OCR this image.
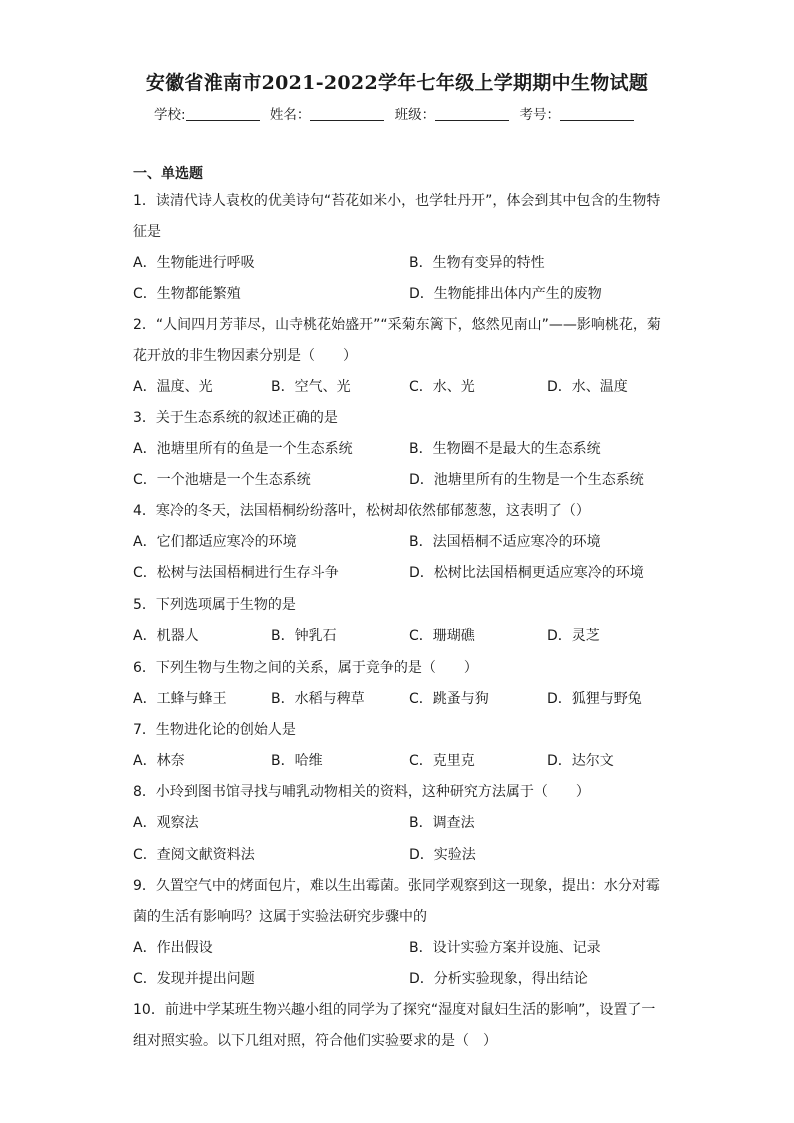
安徽省淮南市2021-2022学年七年级上学期期中生物试题
学校:	姓名：	班级：	考号：
一、单选题
1．读清代诗人袁枚的优美诗句“苔花如米小，也学牡丹开”，体会到其中包含的生物特征是
A．生物能进行呼吸	B．生物有变异的特性
C．生物都能繁殖	D．生物能排出体内产生的废物
2．“人间四月芳菲尽，山寺桃花始盛开”“采菊东篱下，悠然见南山”——影响桃花，菊花开放的非生物因素分别是（　　）
A．温度、光	B．空气、光	C．水、光	D．水、温度
3．关于生态系统的叙述正确的是
A．池塘里所有的鱼是一个生态系统	B．生物圈不是最大的生态系统
C．一个池塘是一个生态系统	D．池塘里所有的生物是一个生态系统
4．寒冷的冬天，法国梧桐纷纷落叶，松树却依然郁郁葱葱，这表明了（）
A．它们都适应寒冷的环境	B．法国梧桐不适应寒冷的环境
C．松树与法国梧桐进行生存斗争	D．松树比法国梧桐更适应寒冷的环境
5．下列选项属于生物的是
A．机器人	B．钟乳石	C．珊瑚礁	D．灵芝
6．下列生物与生物之间的关系，属于竞争的是（　　）
A．工蜂与蜂王	B．水稻与稗草	C．跳蚤与狗	D．狐狸与野兔
7．生物进化论的创始人是
A．林奈	B．哈维	C．克里克	D．达尔文
8．小玲到图书馆寻找与哺乳动物相关的资料，这种研究方法属于（　　）
A．观察法	B．调查法
C．查阅文献资料法	D．实验法
9．久置空气中的烤面包片，难以生出霉菌。张同学观察到这一现象，提出：水分对霉菌的生活有影响吗？这属于实验法研究步骤中的
A．作出假设	B．设计实验方案并设施、记录
C．发现并提出问题	D．分析实验现象，得出结论
10．前进中学某班生物兴趣小组的同学为了探究“湿度对鼠妇生活的影响”，设置了一组对照实验。以下几组对照，符合他们实验要求的是（　）
